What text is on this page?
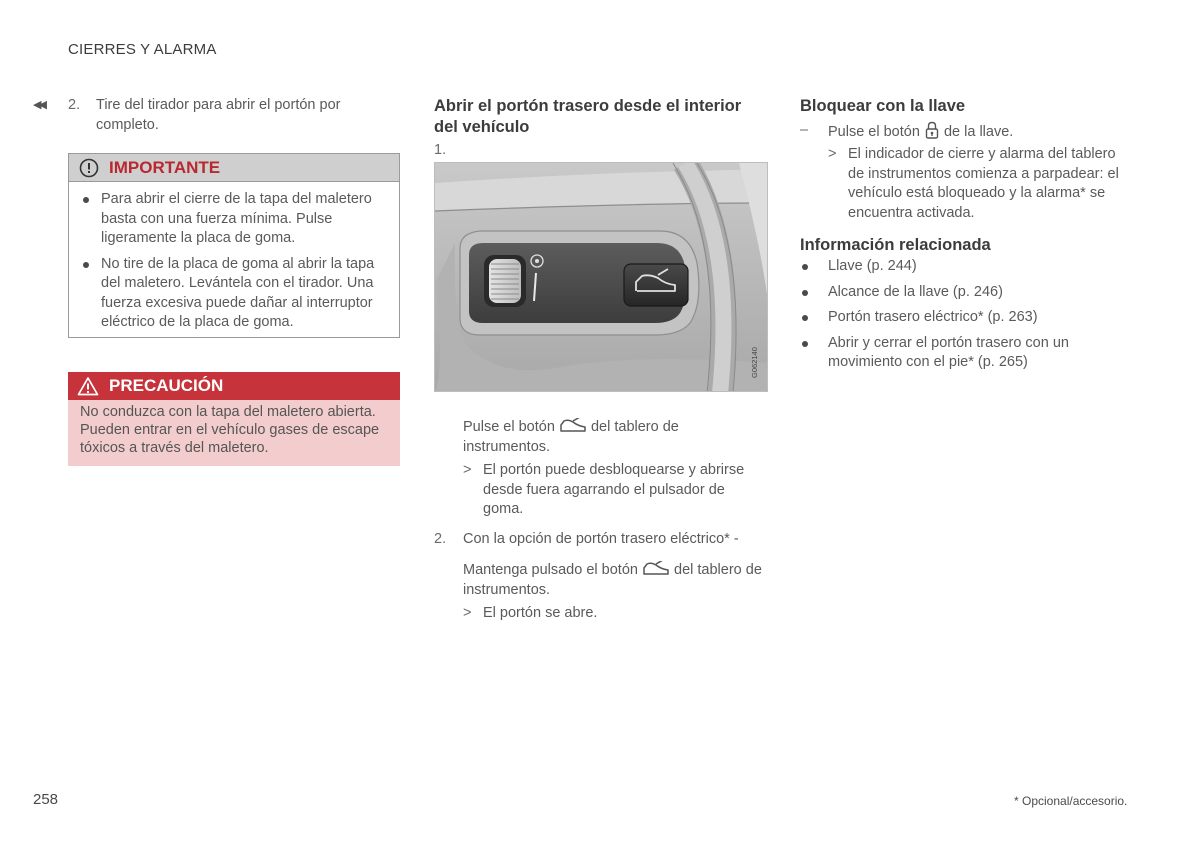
CIERRES Y ALARMA
◀◀ 2.	Tire del tirador para abrir el portón por completo.
IMPORTANTE
Para abrir el cierre de la tapa del maletero basta con una fuerza mínima. Pulse ligeramente la placa de goma.
No tire de la placa de goma al abrir la tapa del maletero. Levántela con el tirador. Una fuerza excesiva puede dañar al interruptor eléctrico de la placa de goma.
PRECAUCIÓN
No conduzca con la tapa del maletero abierta. Pueden entrar en el vehículo gases de escape tóxicos a través del maletero.
Abrir el portón trasero desde el interior del vehículo
1.
G062140
Pulse el botón del tablero de instrumentos.
> El portón puede desbloquearse y abrirse desde fuera agarrando el pulsador de goma.
2.	Con la opción de portón trasero eléctrico* -
Mantenga pulsado el botón del tablero de instrumentos.
> El portón se abre.
Bloquear con la llave
–	Pulse el botón de la llave.
> El indicador de cierre y alarma del tablero de instrumentos comienza a parpadear: el vehículo está bloqueado y la alarma* se encuentra activada.
Información relacionada
Llave (p. 244)
Alcance de la llave (p. 246)
Portón trasero eléctrico* (p. 263)
Abrir y cerrar el portón trasero con un movimiento con el pie* (p. 265)
258	* Opcional/accesorio.
